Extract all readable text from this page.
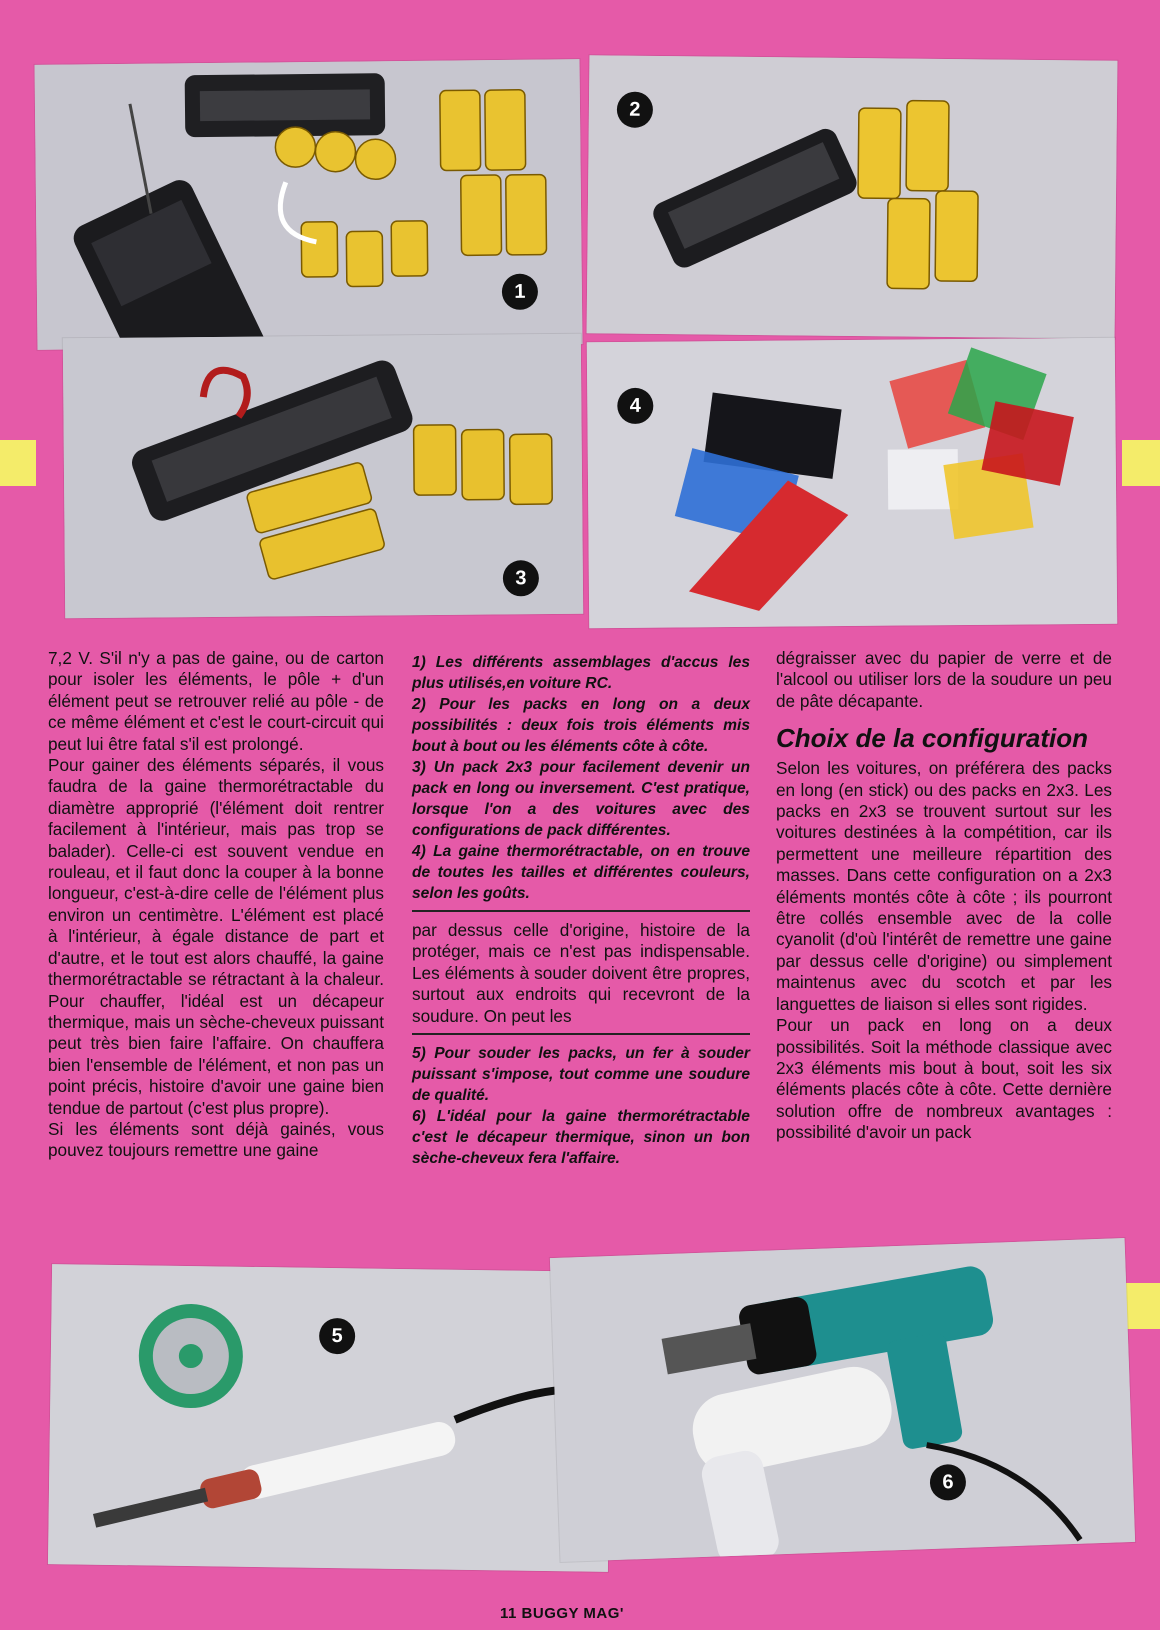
1
2
3
4

7,2 V. S'il n'y a pas de gaine, ou de carton pour isoler les éléments, le pôle + d'un élément peut se retrouver relié au pôle - de ce même élément et c'est le court-circuit qui peut lui être fatal s'il est prolongé.

Pour gainer des éléments séparés, il vous faudra de la gaine thermorétractable du diamètre approprié (l'élément doit rentrer facilement à l'intérieur, mais pas trop se balader). Celle-ci est souvent vendue en rouleau, et il faut donc la couper à la bonne longueur, c'est-à-dire celle de l'élément plus environ un centimètre. L'élément est placé à l'intérieur, à égale distance de part et d'autre, et le tout est alors chauffé, la gaine thermorétractable se rétractant à la chaleur. Pour chauffer, l'idéal est un décapeur thermique, mais un sèche-cheveux puissant peut très bien faire l'affaire. On chauffera bien l'ensemble de l'élément, et non pas un point précis, histoire d'avoir une gaine bien tendue de partout (c'est plus propre).

Si les éléments sont déjà gainés, vous pouvez toujours remettre une gaine

1) Les différents assemblages d'accus les plus utilisés,en voiture RC.

2) Pour les packs en long on a deux possibilités : deux fois trois éléments mis bout à bout ou les éléments côte à côte.

3) Un pack 2x3 pour facilement devenir un pack en long ou inversement. C'est pratique, lorsque l'on a des voitures avec des configurations de pack différentes.

4) La gaine thermorétractable, on en trouve de toutes les tailles et différentes couleurs, selon les goûts.

par dessus celle d'origine, histoire de la protéger, mais ce n'est pas indispensable. Les éléments à souder doivent être propres, surtout aux endroits qui recevront de la soudure. On peut les

5) Pour souder les packs, un fer à souder puissant s'impose, tout comme une soudure de qualité.

6) L'idéal pour la gaine thermorétractable c'est le décapeur thermique, sinon un bon sèche-cheveux fera l'affaire.

dégraisser avec du papier de verre et de l'alcool ou utiliser lors de la soudure un peu de pâte décapante.

Choix de la configuration

Selon les voitures, on préférera des packs en long (en stick) ou des packs en 2x3. Les packs en 2x3 se trouvent surtout sur les voitures destinées à la compétition, car ils permettent une meilleure répartition des masses. Dans cette configuration on a 2x3 éléments montés côte à côte ; ils pourront être collés ensemble avec de la colle cyanolit (d'où l'intérêt de remettre une gaine par dessus celle d'origine) ou simplement maintenus avec du scotch et par les languettes de liaison si elles sont rigides.

Pour un pack en long on a deux possibilités. Soit la méthode classique avec 2x3 éléments mis bout à bout, soit les six éléments placés côte à côte. Cette dernière solution offre de nombreux avantages : possibilité d'avoir un pack

5
6
11 BUGGY MAG'
